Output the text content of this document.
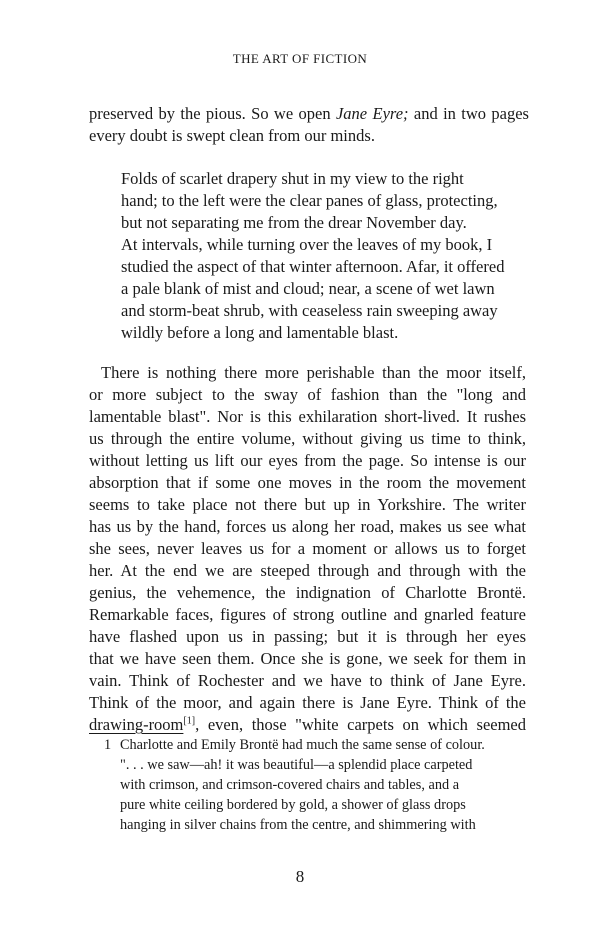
THE ART OF FICTION

preserved by the pious. So we open Jane Eyre; and in two pages
every doubt is swept clean from our minds.

Folds of scarlet drapery shut in my view to the right
hand; to the left were the clear panes of glass, protecting,
but not separating me from the drear November day.
At intervals, while turning over the leaves of my book, I
studied the aspect of that winter afternoon. Afar, it offered
a pale blank of mist and cloud; near, a scene of wet lawn
and storm-beat shrub, with ceaseless rain sweeping away
wildly before a long and lamentable blast.

There is nothing there more perishable than the moor itself,
or more subject to the sway of fashion than the "long and
lamentable blast". Nor is this exhilaration short-lived. It rushes
us through the entire volume, without giving us time to think,
without letting us lift our eyes from the page. So intense is our
absorption that if some one moves in the room the movement
seems to take place not there but up in Yorkshire. The writer
has us by the hand, forces us along her road, makes us see what
she sees, never leaves us for a moment or allows us to forget
her. At the end we are steeped through and through with the
genius, the vehemence, the indignation of Charlotte Brontë.
Remarkable faces, figures of strong outline and gnarled feature
have flashed upon us in passing; but it is through her eyes
that we have seen them. Once she is gone, we seek for them in
vain. Think of Rochester and we have to think of Jane Eyre.
Think of the moor, and again there is Jane Eyre. Think of the
drawing-room[1], even, those "white carpets on which seemed

1 Charlotte and Emily Brontë had much the same sense of colour.
". . . we saw—ah! it was beautiful—a splendid place carpeted
with crimson, and crimson-covered chairs and tables, and a
pure white ceiling bordered by gold, a shower of glass drops
hanging in silver chains from the centre, and shimmering with
8
